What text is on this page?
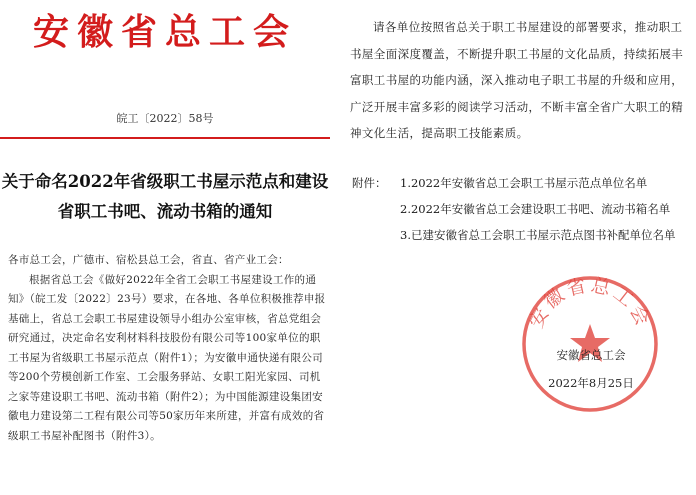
安徽省总工会
皖工〔2022〕58号
关于命名2022年省级职工书屋示范点和建设
省职工书吧、流动书箱的通知

各市总工会，广德市、宿松县总工会，省直、省产业工会：

根据省总工会《做好2022年全省工会职工书屋建设工作的通知》（皖工发〔2022〕23号）要求，在各地、各单位积极推荐申报基础上，省总工会职工书屋建设领导小组办公室审核，省总党组会研究通过，决定命名安利材料科技股份有限公司等100家单位的职工书屋为省级职工书屋示范点（附件1）；为安徽申通快递有限公司等200个劳模创新工作室、工会服务驿站、女职工阳光家园、司机之家等建设职工书吧、流动书箱（附件2）；为中国能源建设集团安徽电力建设第二工程有限公司等50家历年来所建，并富有成效的省级职工书屋补配图书（附件3）。

请各单位按照省总关于职工书屋建设的部署要求，推动职工书屋全面深度覆盖，不断提升职工书屋的文化品质，持续拓展丰富职工书屋的功能内涵，深入推动电子职工书屋的升级和应用，广泛开展丰富多彩的阅读学习活动，不断丰富全省广大职工的精神文化生活，提高职工技能素质。
附件： 1.2022年安徽省总工会职工书屋示范点单位名单
2.2022年安徽省总工会建设职工书吧、流动书箱名单
3.已建安徽省总工会职工书屋示范点图书补配单位名单
安徽省总工会
安徽省总工会
2022年8月25日
